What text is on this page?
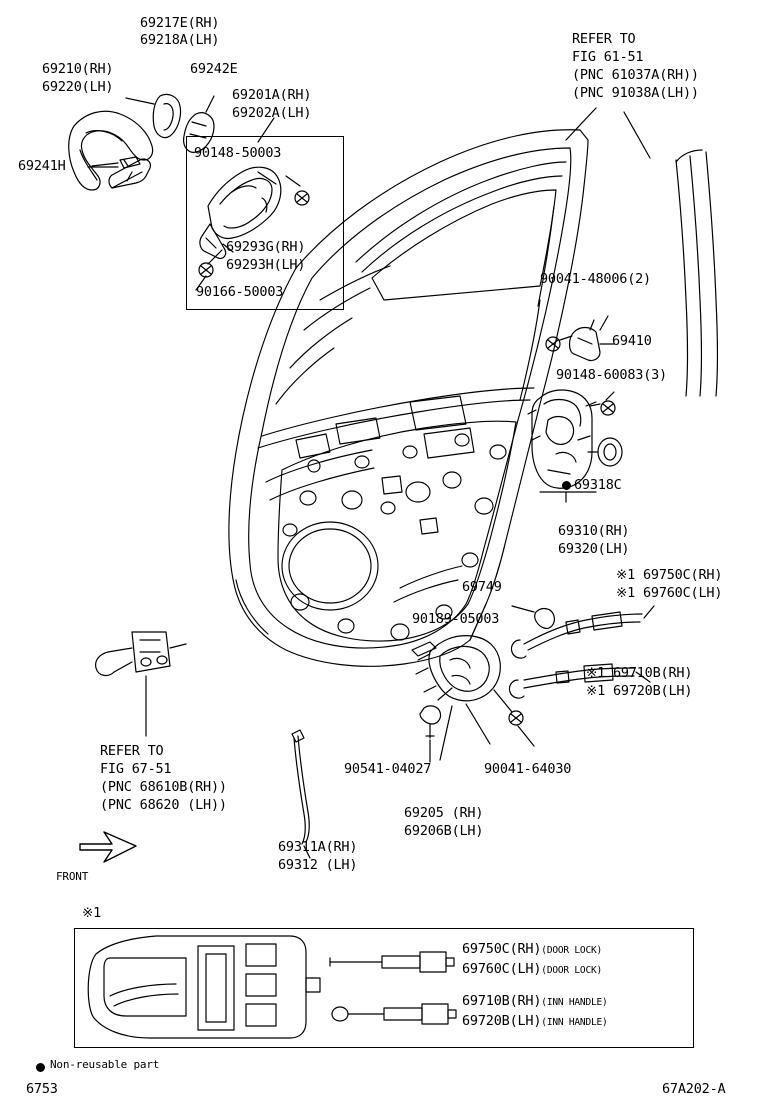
69217E(RH)
69218A(LH)
69210(RH)
69220(LH)
69242E
69201A(RH)
69202A(LH)
69241H
90148-50003
69293G(RH)
69293H(LH)
90166-50003
REFER TO
FIG 61-51
(PNC 61037A(RH))
(PNC 91038A(LH))
90041-48006(2)
69410
90148-60083(3)
69318C
69310(RH)
69320(LH)
※1 69750C(RH)
※1 69760C(LH)
※1 69710B(RH)
※1 69720B(LH)
69749
90189-05003
90541-04027	90041-64030
69205 (RH)
69206B(LH)
REFER TO
FIG 67-51
(PNC 68610B(RH))
(PNC 68620 (LH))
69311A(RH)
69312 (LH)
FRONT
※1
69750C(RH)(DOOR LOCK)
69760C(LH)(DOOR LOCK)
69710B(RH)(INN HANDLE)
69720B(LH)(INN HANDLE)
Non-reusable part
6753	67A202-A
